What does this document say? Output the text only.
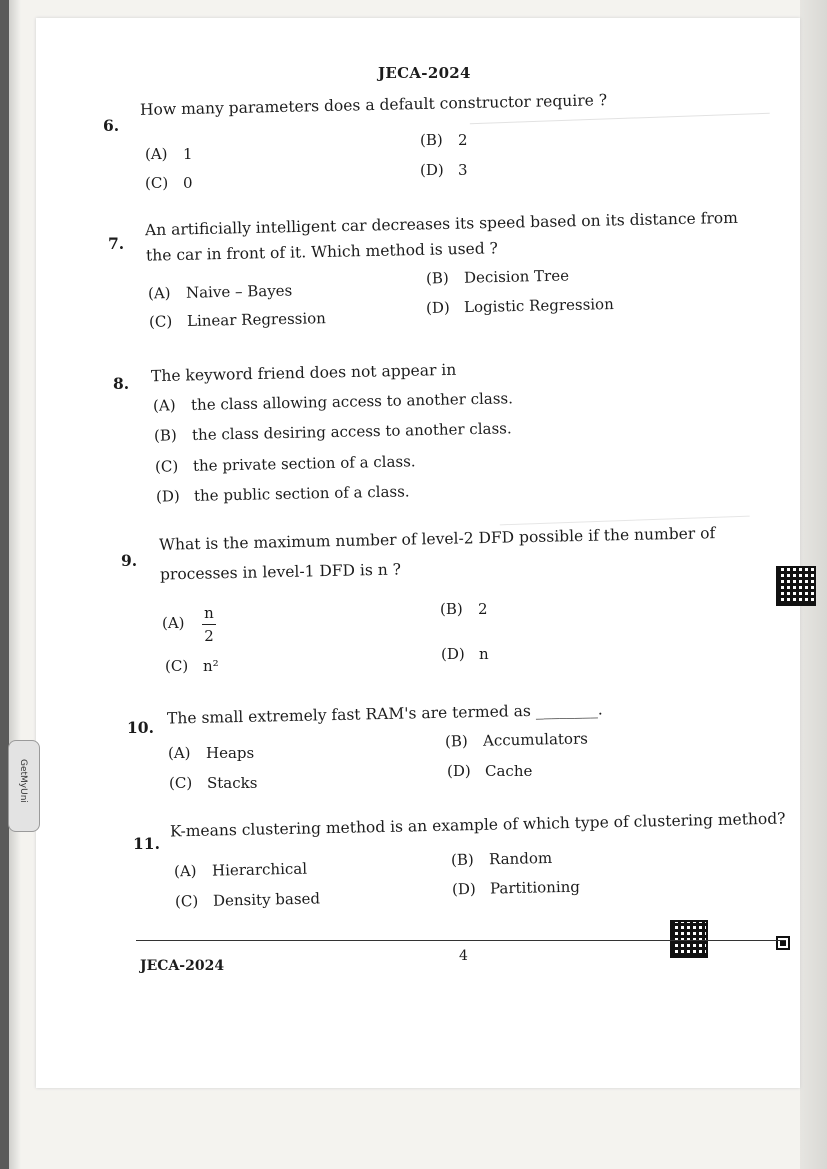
JECA-2024
6.
How many parameters does a default constructor require ?
(A) 1
(B) 2
(C) 0
(D) 3
7.
An artificially intelligent car decreases its speed based on its distance from
the car in front of it. Which method is used ?
(A) Naive – Bayes
(B) Decision Tree
(C) Linear Regression
(D) Logistic Regression
8. The keyword friend does not appear in
(A) the class allowing access to another class.
(B) the class desiring access to another class.
(C) the private section of a class.
(D) the public section of a class.
9.
What is the maximum number of level-2 DFD possible if the number of
processes in level-1 DFD is n ?
(A)
n
2
(B) 2
(C) n²
(D) n
10. The small extremely fast RAM's are termed as ________.
(A) Heaps
(B) Accumulators
(C) Stacks
(D) Cache
11.
K-means clustering method is an example of which type of clustering method?
(A) Hierarchical	(B) Random
(C) Density based
(D) Partitioning
JECA-2024
4
GetMyUni
